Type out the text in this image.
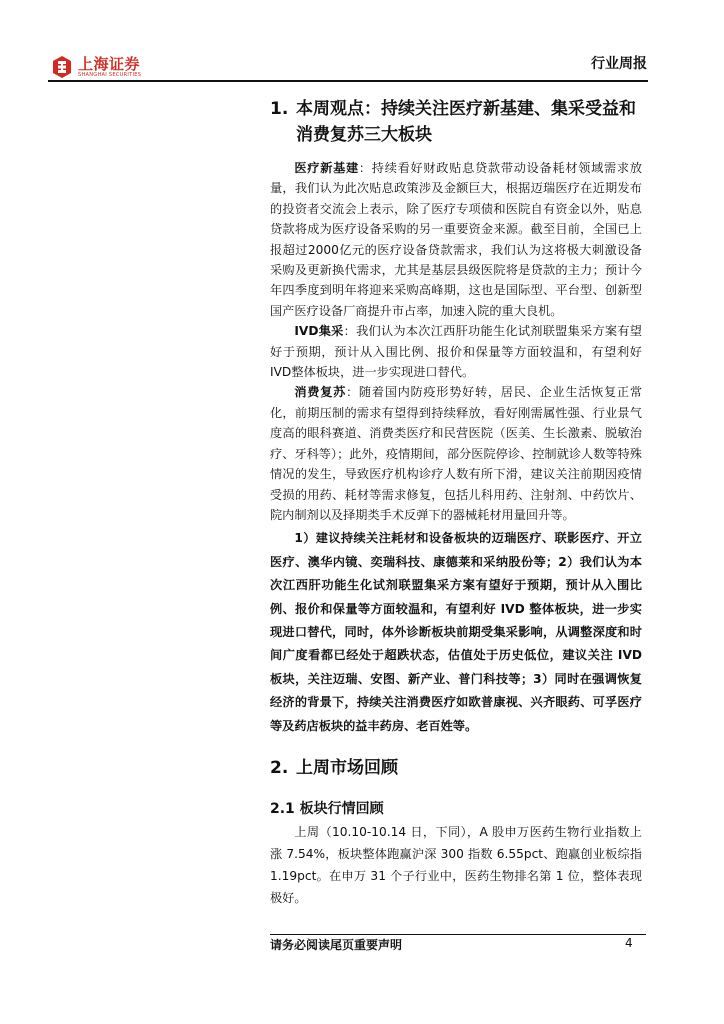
上海证券
SHANGHAI SECURITIES
行业周报
1. 本周观点：持续关注医疗新基建、集采受益和
消费复苏三大板块

医疗新基建：持续看好财政贴息贷款带动设备耗材领域需求放量，我们认为此次贴息政策涉及金额巨大，根据迈瑞医疗在近期发布的投资者交流会上表示，除了医疗专项债和医院自有资金以外，贴息贷款将成为医疗设备采购的另一重要资金来源。截至目前，全国已上报超过2000亿元的医疗设备贷款需求，我们认为这将极大刺激设备采购及更新换代需求，尤其是基层县级医院将是贷款的主力；预计今年四季度到明年将迎来采购高峰期，这也是国际型、平台型、创新型国产医疗设备厂商提升市占率，加速入院的重大良机。

IVD集采：我们认为本次江西肝功能生化试剂联盟集采方案有望好于预期，预计从入围比例、报价和保量等方面较温和，有望利好IVD整体板块，进一步实现进口替代。

消费复苏：随着国内防疫形势好转，居民、企业生活恢复正常化，前期压制的需求有望得到持续释放，看好刚需属性强、行业景气度高的眼科赛道、消费类医疗和民营医院（医美、生长激素、脱敏治疗、牙科等）；此外，疫情期间，部分医院停诊、控制就诊人数等特殊情况的发生，导致医疗机构诊疗人数有所下滑，建议关注前期因疫情受损的用药、耗材等需求修复，包括儿科用药、注射剂、中药饮片、院内制剂以及择期类手术反弹下的器械耗材用量回升等。

1）建议持续关注耗材和设备板块的迈瑞医疗、联影医疗、开立医疗、澳华内镜、奕瑞科技、康德莱和采纳股份等；2）我们认为本次江西肝功能生化试剂联盟集采方案有望好于预期，预计从入围比例、报价和保量等方面较温和，有望利好 IVD 整体板块，进一步实现进口替代，同时，体外诊断板块前期受集采影响，从调整深度和时间广度看都已经处于超跌状态，估值处于历史低位，建议关注 IVD 板块，关注迈瑞、安图、新产业、普门科技等；3）同时在强调恢复经济的背景下，持续关注消费医疗如欧普康视、兴齐眼药、可孚医疗等及药店板块的益丰药房、老百姓等。

2. 上周市场回顾
2.1 板块行情回顾

上周（10.10-10.14 日，下同），A 股申万医药生物行业指数上涨 7.54%，板块整体跑赢沪深 300 指数 6.55pct、跑赢创业板综指 1.19pct。在申万 31 个子行业中，医药生物排名第 1 位，整体表现极好。

请务必阅读尾页重要声明	4
